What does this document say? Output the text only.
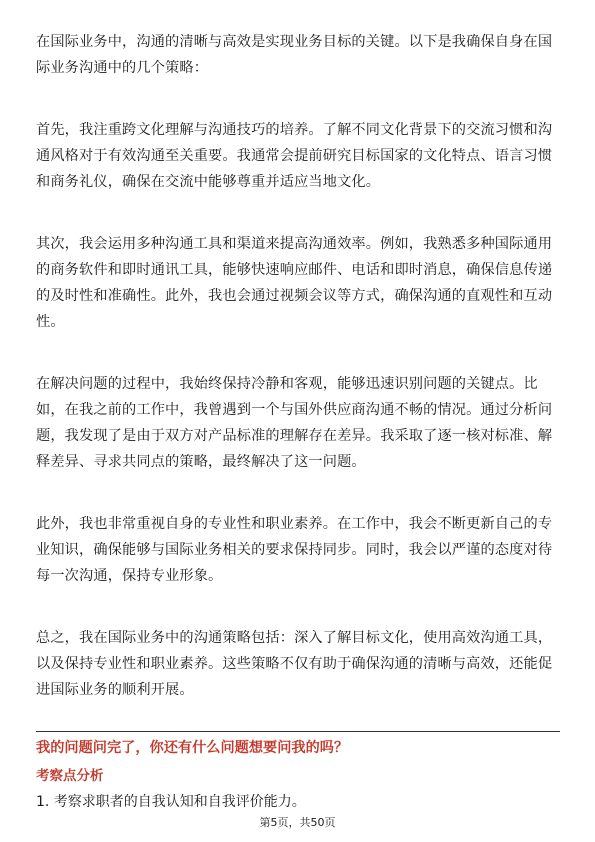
在国际业务中，沟通的清晰与高效是实现业务目标的关键。以下是我确保自身在国际业务沟通中的几个策略：

首先，我注重跨文化理解与沟通技巧的培养。了解不同文化背景下的交流习惯和沟通风格对于有效沟通至关重要。我通常会提前研究目标国家的文化特点、语言习惯和商务礼仪，确保在交流中能够尊重并适应当地文化。

其次，我会运用多种沟通工具和渠道来提高沟通效率。例如，我熟悉多种国际通用的商务软件和即时通讯工具，能够快速响应邮件、电话和即时消息，确保信息传递的及时性和准确性。此外，我也会通过视频会议等方式，确保沟通的直观性和互动性。

在解决问题的过程中，我始终保持冷静和客观，能够迅速识别问题的关键点。比如，在我之前的工作中，我曾遇到一个与国外供应商沟通不畅的情况。通过分析问题，我发现了是由于双方对产品标准的理解存在差异。我采取了逐一核对标准、解释差异、寻求共同点的策略，最终解决了这一问题。

此外，我也非常重视自身的专业性和职业素养。在工作中，我会不断更新自己的专业知识，确保能够与国际业务相关的要求保持同步。同时，我会以严谨的态度对待每一次沟通，保持专业形象。

总之，我在国际业务中的沟通策略包括：深入了解目标文化，使用高效沟通工具，以及保持专业性和职业素养。这些策略不仅有助于确保沟通的清晰与高效，还能促进国际业务的顺利开展。

我的问题问完了，你还有什么问题想要问我的吗？

考察点分析

1. 考察求职者的自我认知和自我评价能力。

第5页，共50页
